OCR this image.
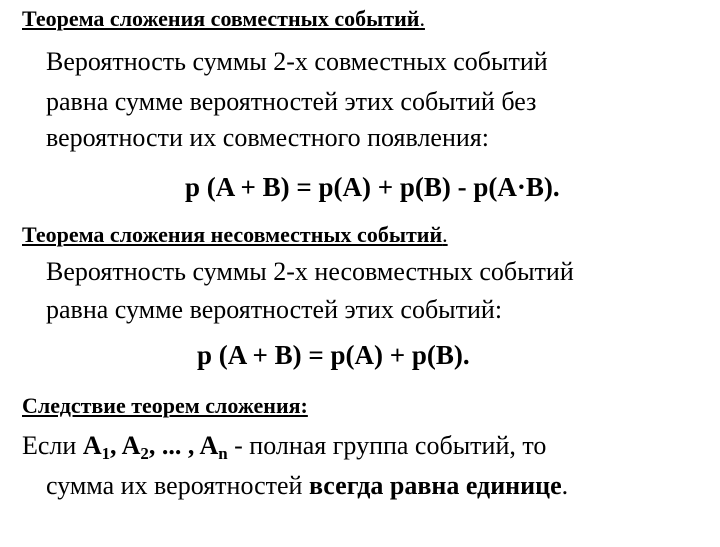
Теорема сложения совместных событий.
Вероятность суммы 2-х совместных событий
равна сумме вероятностей этих событий без
вероятности их совместного появления:
p (A + B) = p(A) + p(B) - p(A·B).
Теорема сложения несовместных событий.
Вероятность суммы 2-х несовместных событий
равна сумме вероятностей этих событий:
p (A + B) = p(A) + p(B).
Следствие теорем сложения:
Если $A_1$, $A_2$, ... , $A_n$ - полная группа событий, то
сумма их вероятностей всегда равна единице.
